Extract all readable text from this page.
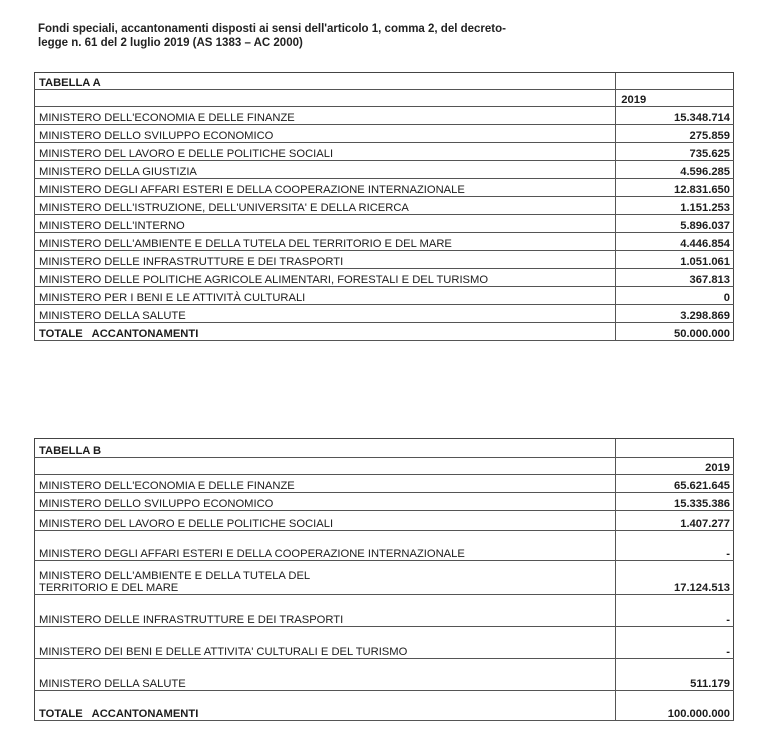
Fondi speciali, accantonamenti disposti ai sensi dell'articolo 1, comma 2, del decreto-
legge n. 61 del 2 luglio 2019 (AS 1383 – AC 2000)
TABELLA A	
	2019
MINISTERO DELL'ECONOMIA E DELLE FINANZE	15.348.714
MINISTERO DELLO SVILUPPO ECONOMICO	275.859
MINISTERO DEL LAVORO E DELLE POLITICHE SOCIALI	735.625
MINISTERO DELLA GIUSTIZIA	4.596.285
MINISTERO DEGLI AFFARI ESTERI E DELLA COOPERAZIONE INTERNAZIONALE	12.831.650
MINISTERO DELL'ISTRUZIONE, DELL'UNIVERSITA' E DELLA RICERCA	1.151.253
MINISTERO DELL'INTERNO	5.896.037
MINISTERO DELL'AMBIENTE E DELLA TUTELA DEL TERRITORIO E DEL MARE	4.446.854
MINISTERO DELLE INFRASTRUTTURE E DEI TRASPORTI	1.051.061
MINISTERO DELLE POLITICHE AGRICOLE ALIMENTARI, FORESTALI E DEL TURISMO	367.813
MINISTERO PER I BENI E LE ATTIVITÀ CULTURALI	0
MINISTERO DELLA SALUTE	3.298.869
TOTALE   ACCANTONAMENTI	50.000.000
TABELLA B	
	2019
MINISTERO DELL'ECONOMIA E DELLE FINANZE	65.621.645
MINISTERO DELLO SVILUPPO ECONOMICO	15.335.386
MINISTERO DEL LAVORO E DELLE POLITICHE SOCIALI	1.407.277
MINISTERO DEGLI AFFARI ESTERI E DELLA COOPERAZIONE INTERNAZIONALE	-

MINISTERO DELL'AMBIENTE E DELLA TUTELA DEL
TERRITORIO E DEL MARE	17.124.513
MINISTERO DELLE INFRASTRUTTURE E DEI TRASPORTI	-
MINISTERO DEI BENI E DELLE ATTIVITA' CULTURALI E DEL TURISMO	-
MINISTERO DELLA SALUTE	511.179
TOTALE   ACCANTONAMENTI	100.000.000
